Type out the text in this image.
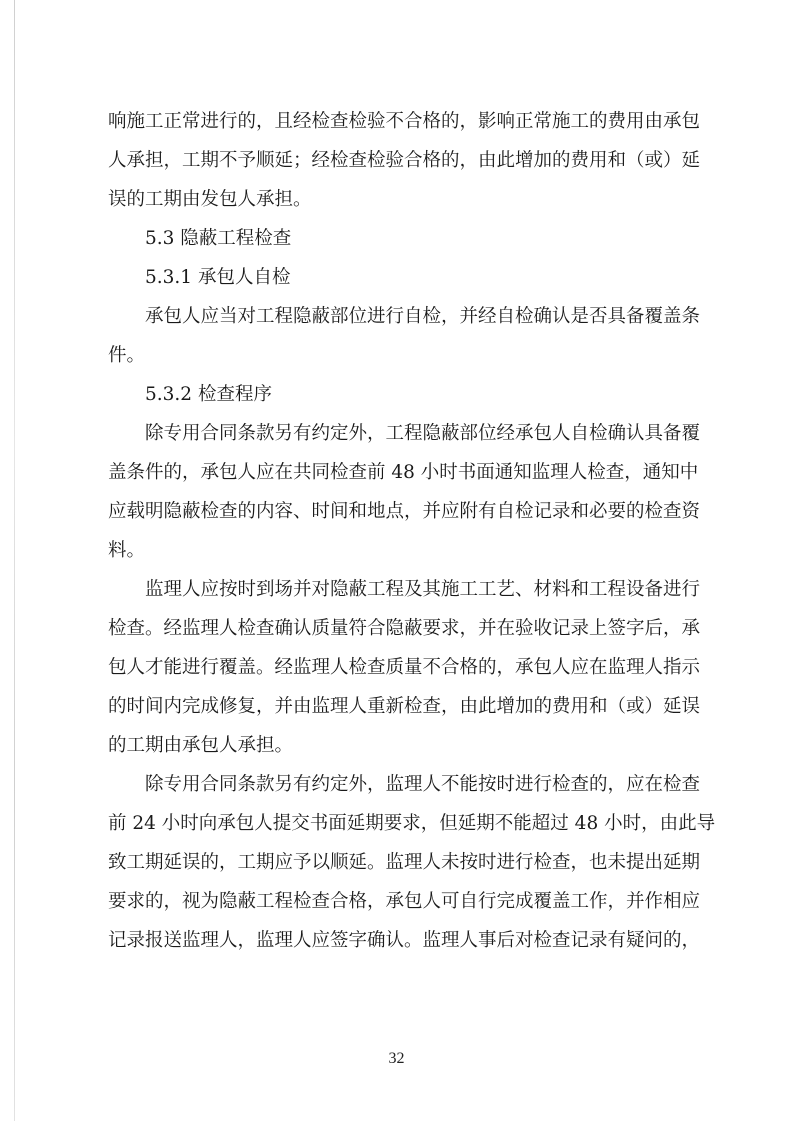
响施工正常进行的，且经检查检验不合格的，影响正常施工的费用由承包
人承担，工期不予顺延；经检查检验合格的，由此增加的费用和（或）延
误的工期由发包人承担。
5.3 隐蔽工程检查
5.3.1 承包人自检
承包人应当对工程隐蔽部位进行自检，并经自检确认是否具备覆盖条
件。
5.3.2 检查程序
除专用合同条款另有约定外，工程隐蔽部位经承包人自检确认具备覆
盖条件的，承包人应在共同检查前 48 小时书面通知监理人检查，通知中
应载明隐蔽检查的内容、时间和地点，并应附有自检记录和必要的检查资
料。
监理人应按时到场并对隐蔽工程及其施工工艺、材料和工程设备进行
检查。经监理人检查确认质量符合隐蔽要求，并在验收记录上签字后，承
包人才能进行覆盖。经监理人检查质量不合格的，承包人应在监理人指示
的时间内完成修复，并由监理人重新检查，由此增加的费用和（或）延误
的工期由承包人承担。
除专用合同条款另有约定外，监理人不能按时进行检查的，应在检查
前 24 小时向承包人提交书面延期要求，但延期不能超过 48 小时，由此导
致工期延误的，工期应予以顺延。监理人未按时进行检查，也未提出延期
要求的，视为隐蔽工程检查合格，承包人可自行完成覆盖工作，并作相应
记录报送监理人，监理人应签字确认。监理人事后对检查记录有疑问的，
32
